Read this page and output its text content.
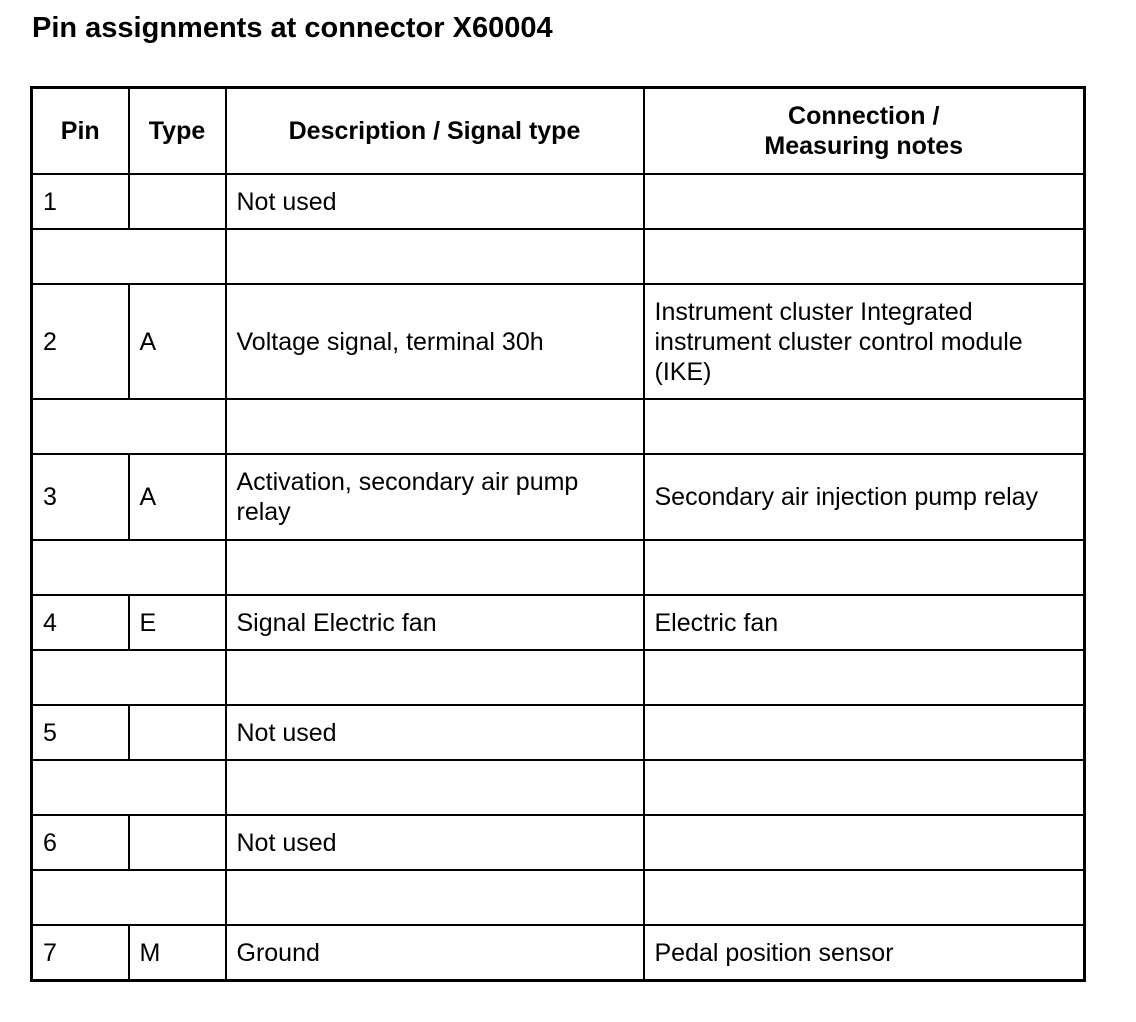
Pin assignments at connector X60004
Pin	Type	Description / Signal type	Connection /
Measuring notes
1		Not used	

2	A	Voltage signal, terminal 30h	Instrument cluster Integrated instrument cluster control module (IKE)

3	A	Activation, secondary air pump relay	Secondary air injection pump relay

4	E	Signal Electric fan	Electric fan

5		Not used	

6		Not used	

7	M	Ground	Pedal position sensor
